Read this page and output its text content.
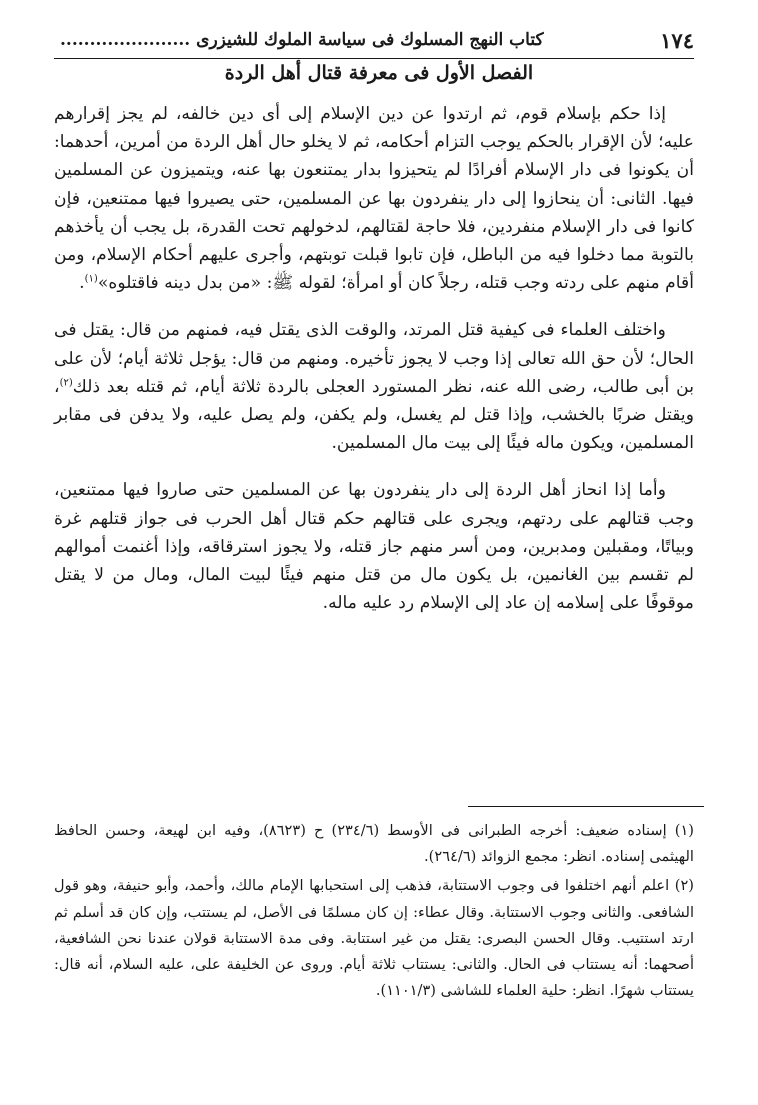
١٧٤
كتاب النهج المسلوك فى سياسة الملوك للشيزرى ......................
الفصل الأول فى معرفة قتال أهل الردة

إذا حكم بإسلام قوم، ثم ارتدوا عن دين الإسلام إلى أى دين خالفه، لم يجز إقرارهم عليه؛ لأن الإقرار بالحكم يوجب التزام أحكامه، ثم لا يخلو حال أهل الردة من أمرين، أحدهما: أن يكونوا فى دار الإسلام أفرادًا لم يتحيزوا بدار يمتنعون بها عنه، ويتميزون عن المسلمين فيها. الثانى: أن ينحازوا إلى دار ينفردون بها عن المسلمين، حتى يصيروا فيها ممتنعين، فإن كانوا فى دار الإسلام منفردين، فلا حاجة لقتالهم، لدخولهم تحت القدرة، بل يجب أن يأخذهم بالتوبة مما دخلوا فيه من الباطل، فإن تابوا قبلت توبتهم، وأجرى عليهم أحكام الإسلام، ومن أقام منهم على ردته وجب قتله، رجلاً كان أو امرأة؛ لقوله ﷺ: «من بدل دينه فاقتلوه»$^{(١)}$.

واختلف العلماء فى كيفية قتل المرتد، والوقت الذى يقتل فيه، فمنهم من قال: يقتل فى الحال؛ لأن حق الله تعالى إذا وجب لا يجوز تأخيره. ومنهم من قال: يؤجل ثلاثة أيام؛ لأن على بن أبى طالب، رضى الله عنه، نظر المستورد العجلى بالردة ثلاثة أيام، ثم قتله بعد ذلك$^{(٢)}$، ويقتل ضربًا بالخشب، وإذا قتل لم يغسل، ولم يكفن، ولم يصل عليه، ولا يدفن فى مقابر المسلمين، ويكون ماله فيئًا إلى بيت مال المسلمين.

وأما إذا انحاز أهل الردة إلى دار ينفردون بها عن المسلمين حتى صاروا فيها ممتنعين، وجب قتالهم على ردتهم، ويجرى على قتالهم حكم قتال أهل الحرب فى جواز قتلهم غرة وبياتًا، ومقبلين ومدبرين، ومن أسر منهم جاز قتله، ولا يجوز استرقاقه، وإذا أغنمت أموالهم لم تقسم بين الغانمين، بل يكون مال من قتل منهم فيئًا لبيت المال، ومال من لا يقتل موقوفًا على إسلامه إن عاد إلى الإسلام رد عليه ماله.

(١) إسناده ضعيف: أخرجه الطبرانى فى الأوسط (٢٣٤/٦) ح (٨٦٢٣)، وفيه ابن لهيعة، وحسن الحافظ الهيثمى إسناده. انظر: مجمع الزوائد (٢٦٤/٦).

(٢) اعلم أنهم اختلفوا فى وجوب الاستتابة، فذهب إلى استحبابها الإمام مالك، وأحمد، وأبو حنيفة، وهو قول الشافعى. والثانى وجوب الاستتابة. وقال عطاء: إن كان مسلمًا فى الأصل، لم يستتب، وإن كان قد أسلم ثم ارتد استتيب. وقال الحسن البصرى: يقتل من غير استتابة. وفى مدة الاستتابة قولان عندنا نحن الشافعية، أصحهما: أنه يستتاب فى الحال. والثانى: يستتاب ثلاثة أيام. وروى عن الخليفة على، عليه السلام، أنه قال: يستتاب شهرًا. انظر: حلية العلماء للشاشى (١١٠١/٣).
